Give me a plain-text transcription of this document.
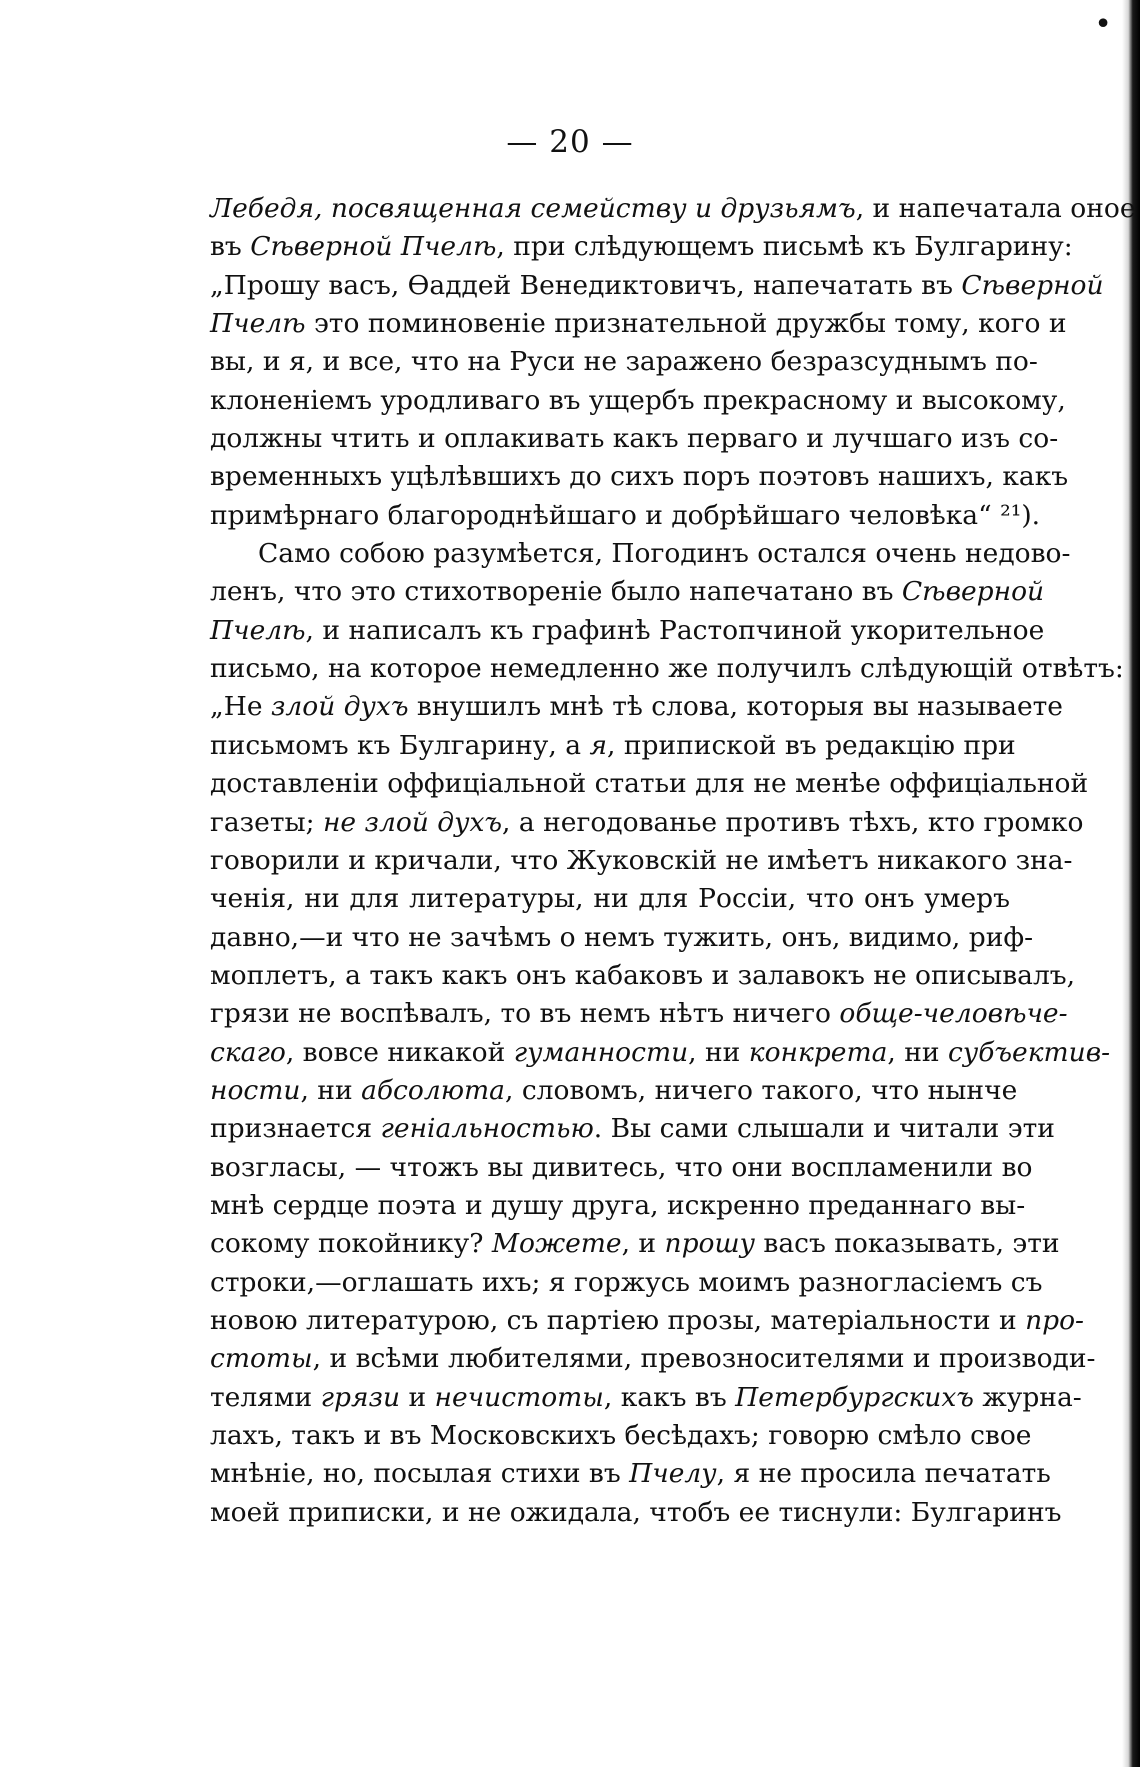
•
— 20 —
Лебедя, посвященная семейству и друзьямъ, и напечатала оное
въ Сѣверной Пчелѣ, при слѣдующемъ письмѣ къ Булгарину:
„Прошу васъ, Ѳаддей Венедиктовичъ, напечатать въ Сѣверной
Пчелѣ это поминовеніе признательной дружбы тому, кого и
вы, и я, и все, что на Руси не заражено безразсуднымъ по-
клоненіемъ уродливаго въ ущербъ прекрасному и высокому,
должны чтить и оплакивать какъ перваго и лучшаго изъ со-
временныхъ уцѣлѣвшихъ до сихъ поръ поэтовъ нашихъ, какъ
примѣрнаго благороднѣйшаго и добрѣйшаго человѣка“ ²¹).
Само собою разумѣется, Погодинъ остался очень недово-
ленъ, что это стихотвореніе было напечатано въ Сѣверной
Пчелѣ, и написалъ къ графинѣ Растопчиной укорительное
письмо, на которое немедленно же получилъ слѣдующій отвѣтъ:
„Не злой духъ внушилъ мнѣ тѣ слова, которыя вы называете
письмомъ къ Булгарину, а я, припиской въ редакцію при
доставленіи оффиціальной статьи для не менѣе оффиціальной
газеты; не злой духъ, а негодованье противъ тѣхъ, кто громко
говорили и кричали, что Жуковскій не имѣетъ никакого зна-
ченія, ни для литературы, ни для Россіи, что онъ умеръ
давно,—и что не зачѣмъ о немъ тужить, онъ, видимо, риф-
моплетъ, а такъ какъ онъ кабаковъ и залавокъ не описывалъ,
грязи не воспѣвалъ, то въ немъ нѣтъ ничего обще-человѣче-
скаго, вовсе никакой гуманности, ни конкрета, ни субъектив-
ности, ни абсолюта, словомъ, ничего такого, что нынче
признается геніальностью. Вы сами слышали и читали эти
возгласы, — чтожъ вы дивитесь, что они воспламенили во
мнѣ сердце поэта и душу друга, искренно преданнаго вы-
сокому покойнику? Можете, и прошу васъ показывать, эти
строки,—оглашать ихъ; я горжусь моимъ разногласіемъ съ
новою литературою, съ партіею прозы, матеріальности и про-
стоты, и всѣми любителями, превозносителями и производи-
телями грязи и нечистоты, какъ въ Петербургскихъ журна-
лахъ, такъ и въ Московскихъ бесѣдахъ; говорю смѣло свое
мнѣніе, но, посылая стихи въ Пчелу, я не просила печатать
моей приписки, и не ожидала, чтобъ ее тиснули: Булгаринъ
